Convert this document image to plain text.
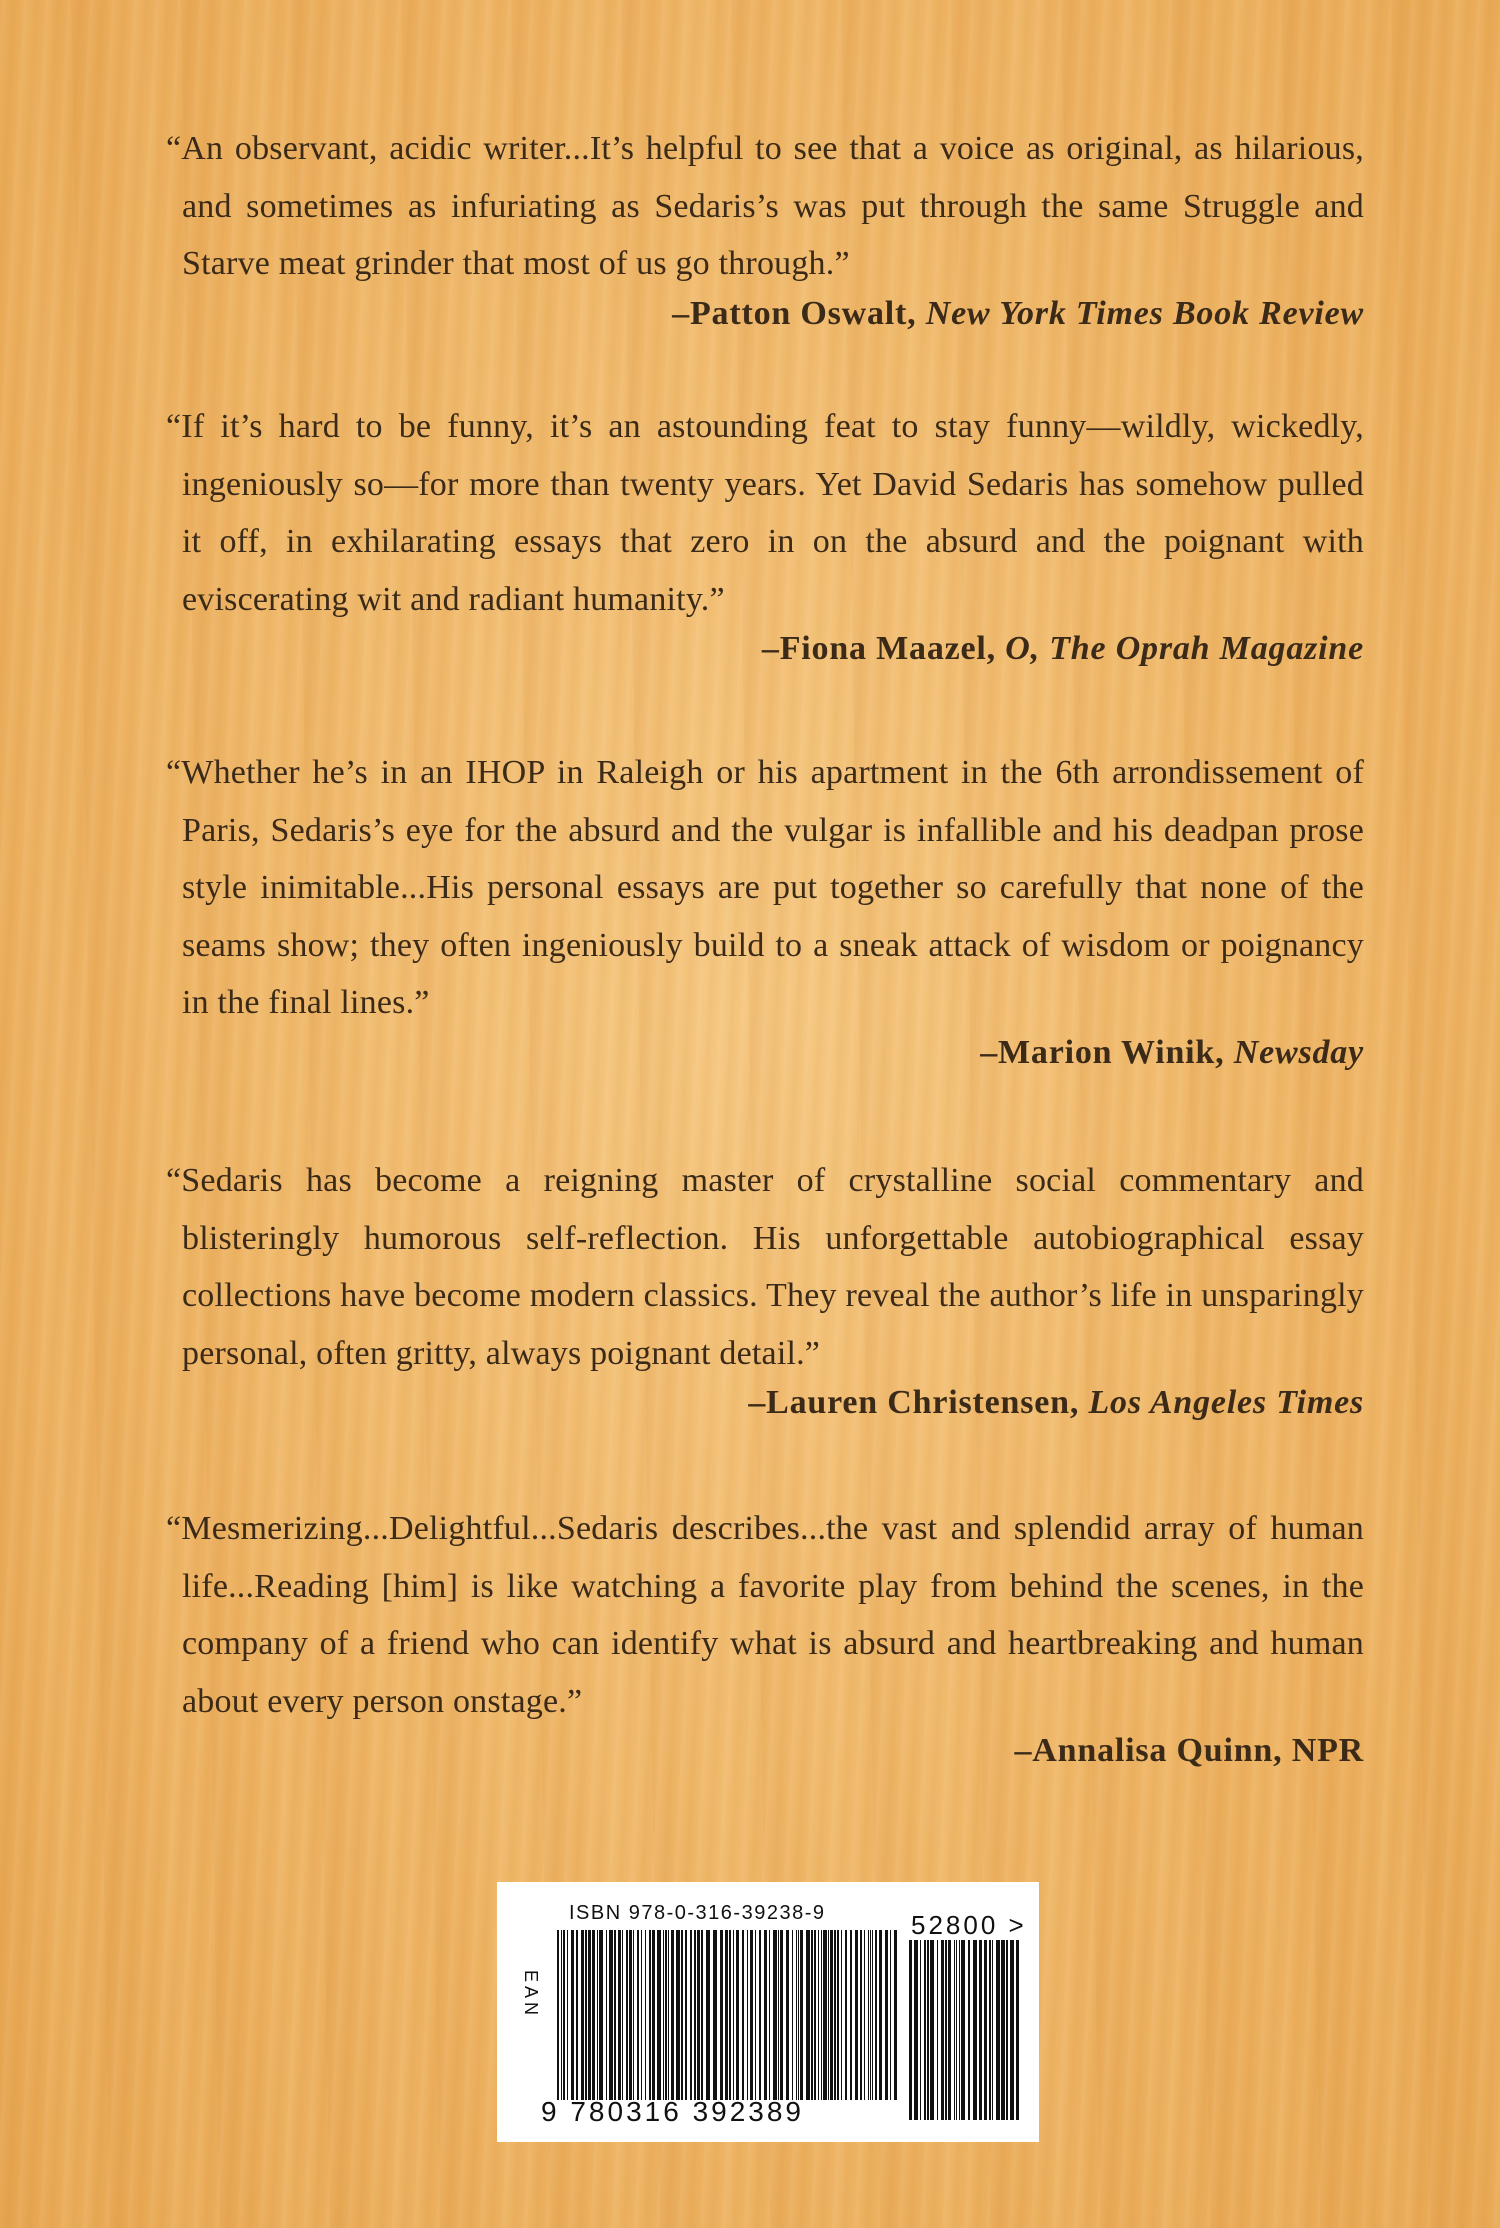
“An observant, acidic writer...It’s helpful to see that a voice as original, as hilarious, and sometimes as infuriating as Sedaris’s was put through the same Struggle and Starve meat grinder that most of us go through.”
–Patton Oswalt, New York Times Book Review
“If it’s hard to be funny, it’s an astounding feat to stay funny—wildly, wickedly, ingeniously so—for more than twenty years. Yet David Sedaris has somehow pulled it off, in exhilarating essays that zero in on the absurd and the poignant with eviscerating wit and radiant humanity.”
–Fiona Maazel, O, The Oprah Magazine
“Whether he’s in an IHOP in Raleigh or his apartment in the 6th arrondissement of Paris, Sedaris’s eye for the absurd and the vulgar is infallible and his deadpan prose style inimitable...His personal essays are put together so carefully that none of the seams show; they often ingeniously build to a sneak attack of wisdom or poignancy in the final lines.”
–Marion Winik, Newsday
“Sedaris has become a reigning master of crystalline social commentary and blisteringly humorous self-reflection. His unforgettable autobiographical essay collections have become modern classics. They reveal the author’s life in unsparingly personal, often gritty, always poignant detail.”
–Lauren Christensen, Los Angeles Times
“Mesmerizing...Delightful...Sedaris describes...the vast and splendid array of human life...Reading [him] is like watching a favorite play from behind the scenes, in the company of a friend who can identify what is absurd and heartbreaking and human about every person onstage.”
–Annalisa Quinn, NPR
ISBN 978-0-316-39238-9
EAN
52800 >
9 780316 392389
